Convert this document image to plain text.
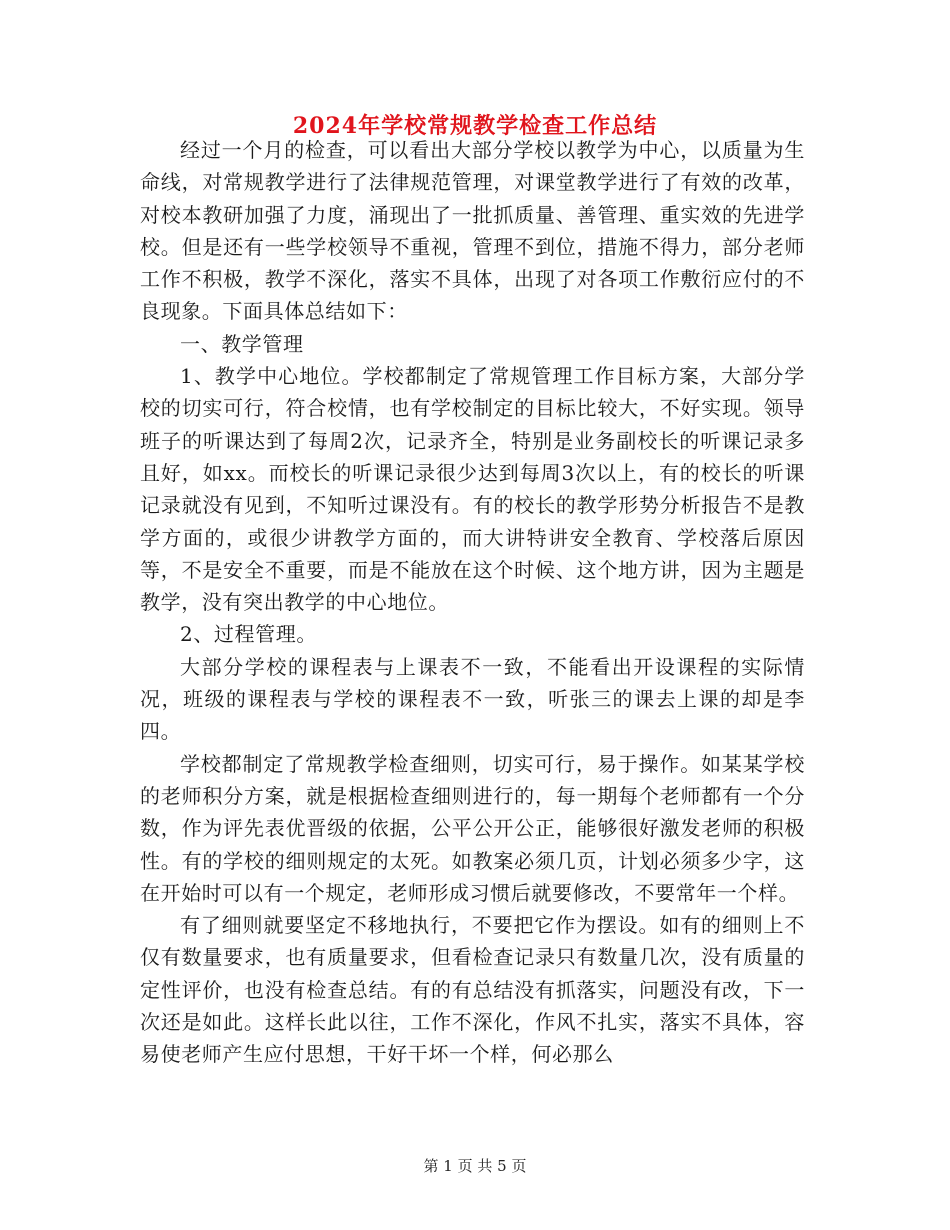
2024年学校常规教学检查工作总结

经过一个月的检查，可以看出大部分学校以教学为中心，以质量为生命线，对常规教学进行了法律规范管理，对课堂教学进行了有效的改革，对校本教研加强了力度，涌现出了一批抓质量、善管理、重实效的先进学校。但是还有一些学校领导不重视，管理不到位，措施不得力，部分老师工作不积极，教学不深化，落实不具体，出现了对各项工作敷衍应付的不良现象。下面具体总结如下：

一、教学管理

1、教学中心地位。学校都制定了常规管理工作目标方案，大部分学校的切实可行，符合校情，也有学校制定的目标比较大，不好实现。领导班子的听课达到了每周2次，记录齐全，特别是业务副校长的听课记录多且好，如xx。而校长的听课记录很少达到每周3次以上，有的校长的听课记录就没有见到，不知听过课没有。有的校长的教学形势分析报告不是教学方面的，或很少讲教学方面的，而大讲特讲安全教育、学校落后原因等，不是安全不重要，而是不能放在这个时候、这个地方讲，因为主题是教学，没有突出教学的中心地位。

2、过程管理。

大部分学校的课程表与上课表不一致，不能看出开设课程的实际情况，班级的课程表与学校的课程表不一致，听张三的课去上课的却是李四。

学校都制定了常规教学检查细则，切实可行，易于操作。如某某学校的老师积分方案，就是根据检查细则进行的，每一期每个老师都有一个分数，作为评先表优晋级的依据，公平公开公正，能够很好激发老师的积极性。有的学校的细则规定的太死。如教案必须几页，计划必须多少字，这在开始时可以有一个规定，老师形成习惯后就要修改，不要常年一个样。

有了细则就要坚定不移地执行，不要把它作为摆设。如有的细则上不仅有数量要求，也有质量要求，但看检查记录只有数量几次，没有质量的定性评价，也没有检查总结。有的有总结没有抓落实，问题没有改，下一次还是如此。这样长此以往，工作不深化，作风不扎实，落实不具体，容易使老师产生应付思想，干好干坏一个样，何必那么

第 1 页 共 5 页
